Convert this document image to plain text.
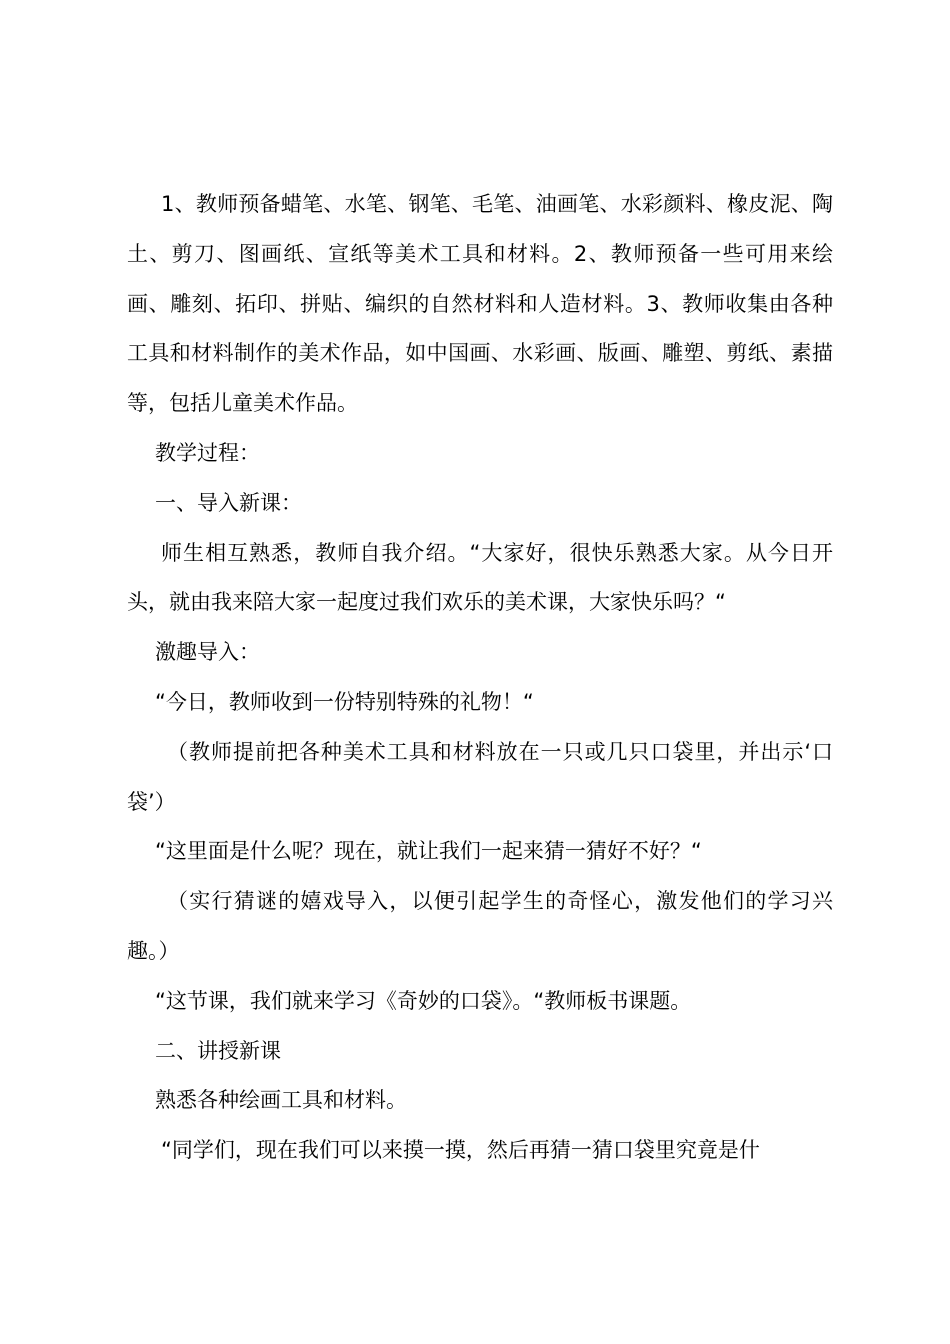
1、教师预备蜡笔、水笔、钢笔、毛笔、油画笔、水彩颜料、橡皮泥、陶土、剪刀、图画纸、宣纸等美术工具和材料。2、教师预备一些可用来绘画、雕刻、拓印、拼贴、编织的自然材料和人造材料。3、教师收集由各种工具和材料制作的美术作品，如中国画、水彩画、版画、雕塑、剪纸、素描等，包括儿童美术作品。

教学过程：

一、导入新课：

师生相互熟悉，教师自我介绍。“大家好，很快乐熟悉大家。从今日开头，就由我来陪大家一起度过我们欢乐的美术课，大家快乐吗？“

激趣导入：

“今日，教师收到一份特别特殊的礼物！“

（教师提前把各种美术工具和材料放在一只或几只口袋里，并出示‘口袋’）

“这里面是什么呢？现在，就让我们一起来猜一猜好不好？“

（实行猜谜的嬉戏导入，以便引起学生的奇怪心，激发他们的学习兴趣。）

“这节课，我们就来学习《奇妙的口袋》。“教师板书课题。

二、讲授新课

熟悉各种绘画工具和材料。

“同学们，现在我们可以来摸一摸，然后再猜一猜口袋里究竟是什
